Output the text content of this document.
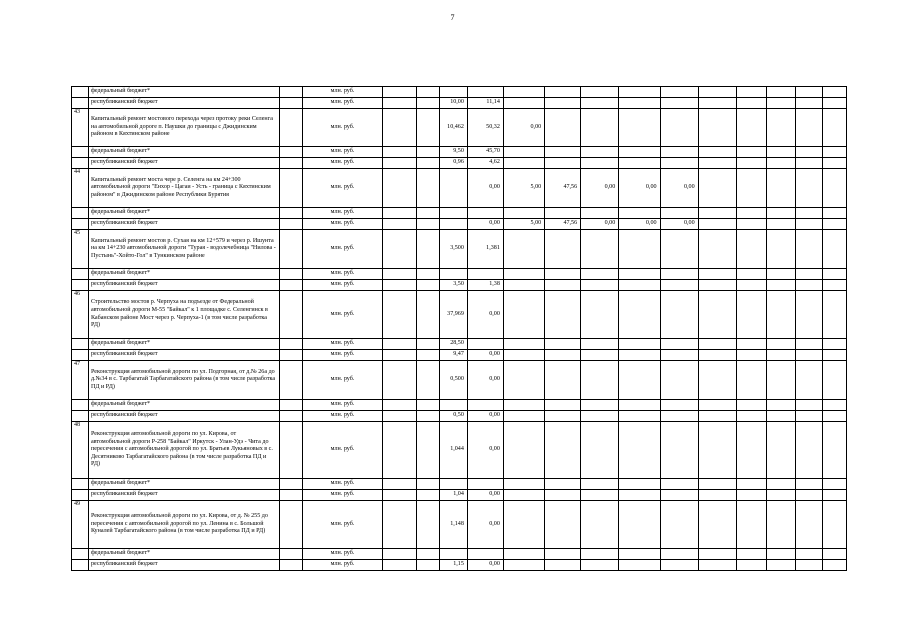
7
	федеральный бюджет*		млн. руб.														
	республиканский бюджет		млн. руб.			10,00	11,14										
43	Капитальный ремонт мостового перехода через протоку реки Селенга на автомобильной дороге п. Наушки до границы с Джидинским районом в Кяхтинском районе		млн. руб.			10,462	50,32	0,00									
	федеральный бюджет*		млн. руб.			9,50	45,70										
	республиканский бюджет		млн. руб.			0,96	4,62										
44	Капитальный ремонт моста чере р. Селенга на км 24+300 автомобильной дороги "Енхор - Цагаи - Усть - граница с Кяхтинским районом" в Джидинском районе Республики Бурятия		млн. руб.				0,00	5,00	47,56	0,00	0,00	0,00					
	федеральный бюджет*		млн. руб.														
	республиканский бюджет		млн. руб.				0,00	5,00	47,56	0,00	0,00	0,00					
45	Капитальный ремонт мостов р. Сухая на км 12+579 и через р. Ишунта на км 14+230 автомобильной дороги "Турая - водолечебница "Нилова - Пустынь"-Хойто-Гол" в Тункинском районе		млн. руб.			3,500	1,381										
	федеральный бюджет*		млн. руб.														
	республиканский бюджет		млн. руб.			3,50	1,38										
46	Строительство мостов р. Черпуха на подъезде от Федеральной автомобильной дороги М-55 "Байкал" к 1 площадке с. Селенгинск в Кабанском районе Мост через р. Черпуха-1 (в том числе разработка РД)		млн. руб.			37,969	0,00										
	федеральный бюджет*		млн. руб.			28,50											
	республиканский бюджет		млн. руб.			9,47	0,00										
47	Реконструкция автомобильной дороги по ул. Подгорная, от д.№ 26а до д.№34 в с. Тарбагатай Тарбагатайского района (в том числе разработка ПД и РД)		млн. руб.			0,500	0,00										
	федеральный бюджет*		млн. руб.														
	республиканский бюджет		млн. руб.			0,50	0,00										
48	Реконструкция автомобильной дороги по ул. Кирова, от автомобильной дороги Р-258 "Байкал" Иркутск - Улан-Удэ - Чита до пересечения с автомобильной дорогой по ул. Братьев Лукьяновых в с. Десятниково Тарбагатайского района (в том числе разработка ПД и РД)		млн. руб.			1,044	0,00										
	федеральный бюджет*		млн. руб.														
	республиканский бюджет		млн. руб.			1,04	0,00										
49	Реконструкция автомобильной дороги по ул. Кирова, от д. № 255 до пересечения с автомобильной дорогой по ул. Ленина в с. Большой Куналей Тарбагатайского района (в том числе разработка ПД и РД)		млн. руб.			1,148	0,00										
	федеральный бюджет*		млн. руб.														
	республиканский бюджет		млн. руб.			1,15	0,00										
